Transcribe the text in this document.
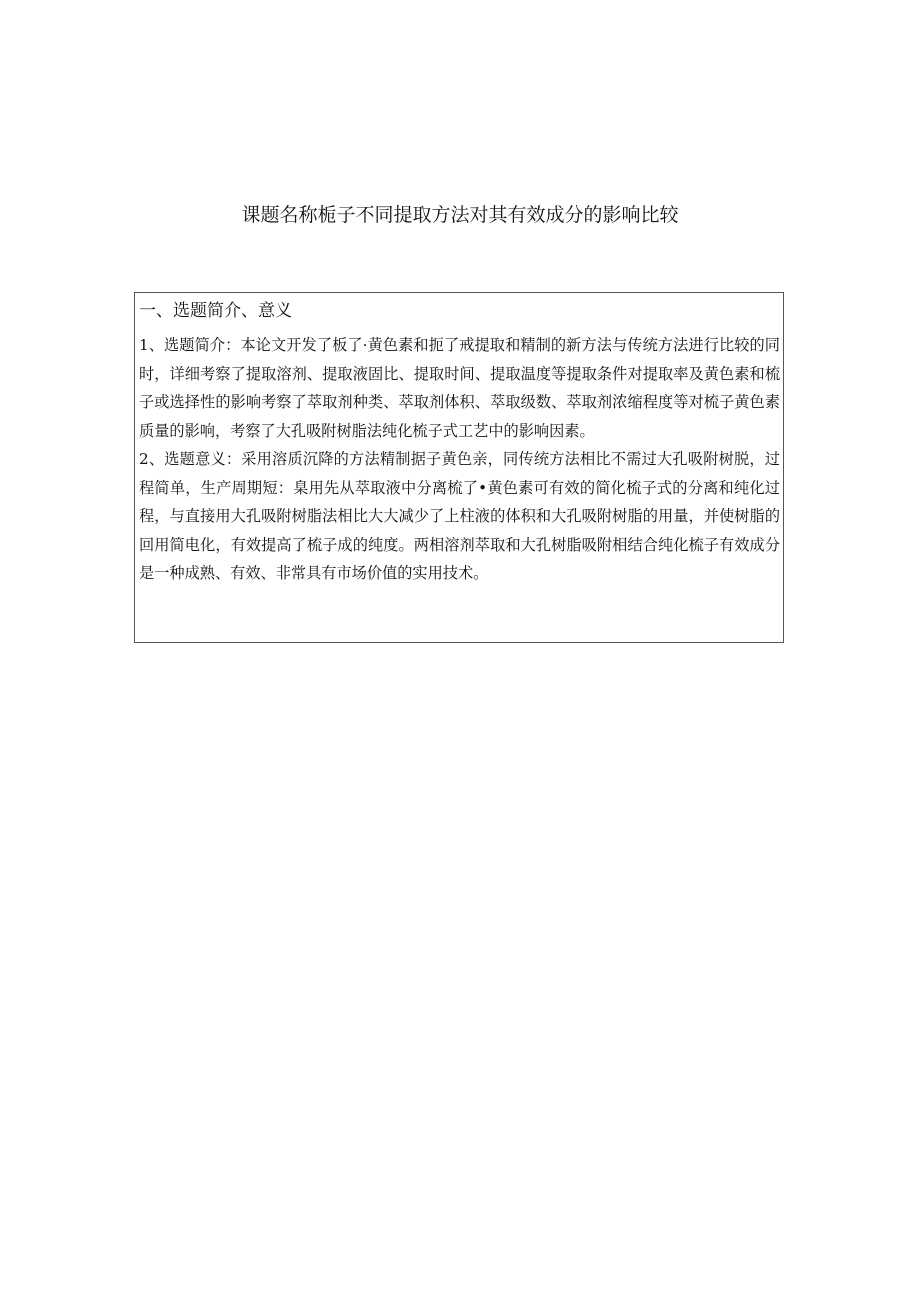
课题名称栀子不同提取方法对其有效成分的影响比较
一、选题简介、意义

1、选题简介：本论文开发了板了·黄色素和扼了戒提取和精制的新方法与传统方法进行比较的同时，详细考察了提取溶剂、提取液固比、提取时间、提取温度等提取条件对提取率及黄色素和梳子或选择性的影响考察了萃取剂种类、萃取剂体积、萃取级数、萃取剂浓缩程度等对梳子黄色素质量的影响，考察了大孔吸附树脂法纯化梳子式工艺中的影响因素。

2、选题意义：采用溶质沉降的方法精制据子黄色亲，同传统方法相比不需过大孔吸附树脱，过程简单，生产周期短：臬用先从萃取液中分离梳了•黄色素可有效的简化梳子式的分离和纯化过程，与直接用大孔吸附树脂法相比大大减少了上柱液的体积和大孔吸附树脂的用量，并使树脂的回用简电化，有效提高了梳子成的纯度。两相溶剂萃取和大孔树脂吸附相结合纯化梳子有效成分是一种成熟、有效、非常具有市场价值的实用技术。
